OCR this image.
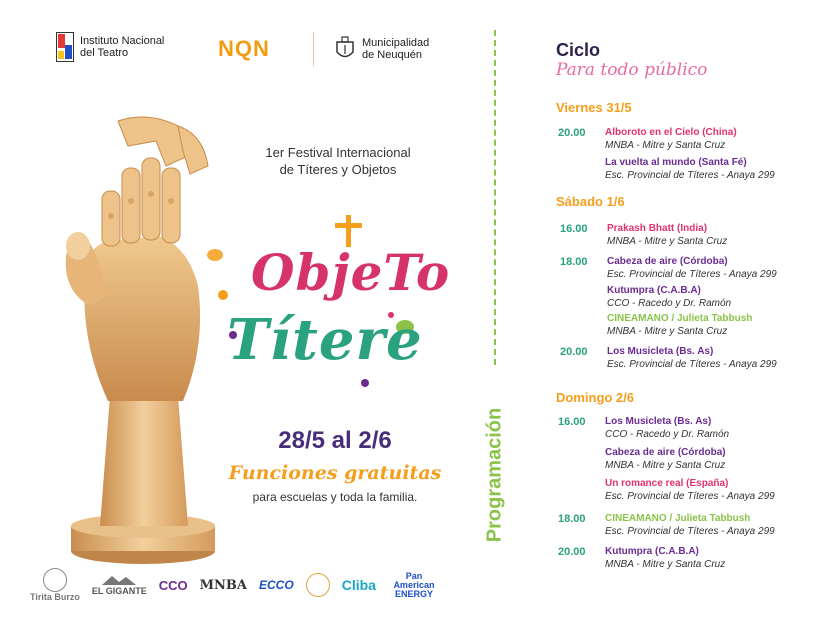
Instituto Nacional
del Teatro	NQN	Municipalidad
de Neuquén
1er Festival Internacional
de Títeres y Objetos
ObjeTo
Títere
28/5 al 2/6
Funciones gratuitas
para escuelas y toda la familia.
Tirita Burzo

EL GIGANTE CCO MNBA ECCO	Cliba
Pan American ENERGY
Programación
Ciclo
Para todo público
Viernes 31/5
20.00 Alboroto en el Cielo (China)
MNBA - Mitre y Santa Cruz
La vuelta al mundo (Santa Fé)
Esc. Provincial de Títeres - Anaya 299
Sábado 1/6
16.00 Prakash Bhatt (India)
MNBA - Mitre y Santa Cruz
18.00 Cabeza de aire (Córdoba)
Esc. Provincial de Títeres - Anaya 299
Kutumpra (C.A.B.A)
CCO - Racedo y Dr. Ramón
CINEAMANO / Julieta Tabbush
MNBA - Mitre y Santa Cruz
20.00 Los Musicleta (Bs. As)
Esc. Provincial de Títeres - Anaya 299
Domingo 2/6
16.00 Los Musicleta (Bs. As)
CCO - Racedo y Dr. Ramón
Cabeza de aire (Córdoba)
MNBA - Mitre y Santa Cruz
Un romance real (España)
Esc. Provincial de Títeres - Anaya 299
18.00 CINEAMANO / Julieta Tabbush
Esc. Provincial de Títeres - Anaya 299
20.00 Kutumpra (C.A.B.A)
MNBA - Mitre y Santa Cruz
